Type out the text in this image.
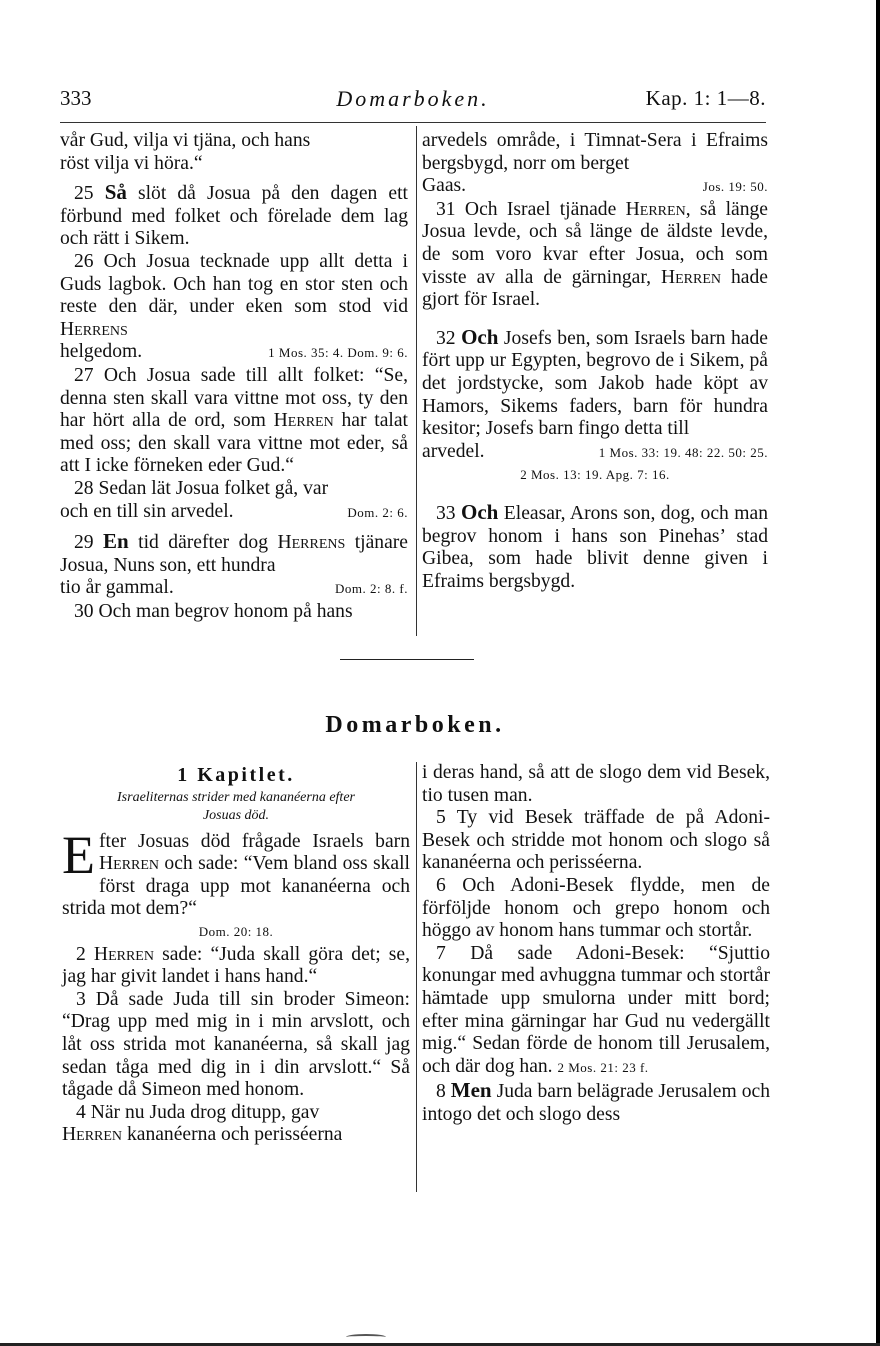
333	Domarboken.	Kap. 1: 1—8.

vår Gud, vilja vi tjäna, och hans
röst vilja vi höra.“

25 Så slöt då Josua på den dagen ett förbund med folket och förelade dem lag och rätt i Sikem.

26 Och Josua tecknade upp allt detta i Guds lagbok. Och han tog en stor sten och reste den där, under eken som stod vid Herrens

helgedom.	1 Mos. 35: 4. Dom. 9: 6.

27 Och Josua sade till allt folket: “Se, denna sten skall vara vittne mot oss, ty den har hört alla de ord, som Herren har talat med oss; den skall vara vittne mot eder, så att I icke förneken eder Gud.“

28 Sedan lät Josua folket gå, var

och en till sin arvedel.	Dom. 2: 6.

29 En tid därefter dog Herrens tjänare Josua, Nuns son, ett hundra

tio år gammal.	Dom. 2: 8. f.

30 Och man begrov honom på hans

arvedels område, i Timnat-Sera i Efraims bergsbygd, norr om berget

Gaas.	Jos. 19: 50.

31 Och Israel tjänade Herren, så länge Josua levde, och så länge de äldste levde, de som voro kvar efter Josua, och som visste av alla de gärningar, Herren hade gjort för Israel.

32 Och Josefs ben, som Israels barn hade fört upp ur Egypten, begrovo de i Sikem, på det jordstycke, som Jakob hade köpt av Hamors, Sikems faders, barn för hundra kesitor; Josefs barn fingo detta till

arvedel.	1 Mos. 33: 19. 48: 22. 50: 25.

2 Mos. 13: 19. Apg. 7: 16.

33 Och Eleasar, Arons son, dog, och man begrov honom i hans son Pinehas’ stad Gibea, som hade blivit denne given i Efraims bergsbygd.

Domarboken.

1 Kapitlet.

Israeliternas strider med kananéerna efter
Josuas död.

Efter Josuas död frågade Israels barn Herren och sade: “Vem bland oss skall först draga upp mot kananéerna och strida mot dem?“

Dom. 20: 18.

2 Herren sade: “Juda skall göra det; se, jag har givit landet i hans hand.“

3 Då sade Juda till sin broder Simeon: “Drag upp med mig in i min arvslott, och låt oss strida mot kananéerna, så skall jag sedan tåga med dig in i din arvslott.“ Så tågade då Simeon med honom.

4 När nu Juda drog ditupp, gav
Herren kananéerna och perisséerna

i deras hand, så att de slogo dem vid Besek, tio tusen man.

5 Ty vid Besek träffade de på Adoni-Besek och stridde mot honom och slogo så kananéerna och perisséerna.

6 Och Adoni-Besek flydde, men de förföljde honom och grepo honom och höggo av honom hans tummar och stortår.

7 Då sade Adoni-Besek: “Sjuttio konungar med avhuggna tummar och stortår hämtade upp smulorna under mitt bord; efter mina gärningar har Gud nu vedergällt mig.“ Sedan förde de honom till Jerusalem, och där dog han. 2 Mos. 21: 23 f.

8 Men Juda barn belägrade Jerusalem och intogo det och slogo dess
